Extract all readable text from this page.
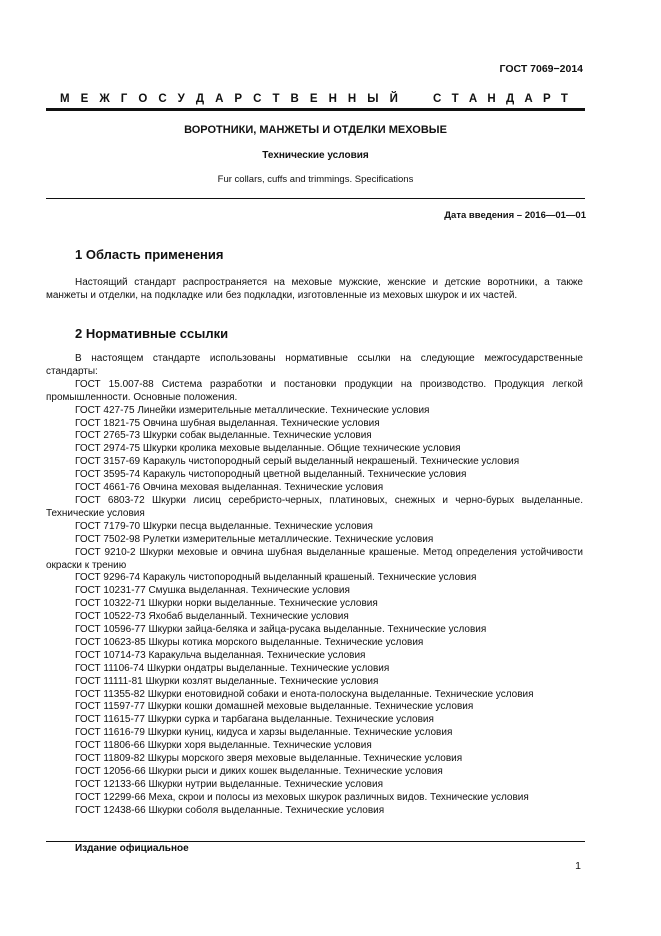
ГОСТ 7069−2014
М Е Ж Г О С У Д А Р С Т В Е Н Н Ы Й	С Т А Н Д А Р Т
ВОРОТНИКИ, МАНЖЕТЫ И ОТДЕЛКИ МЕХОВЫЕ
Технические условия
Fur collars, cuffs and trimmings. Specifications
Дата введения – 2016—01—01
1 Область применения

Настоящий стандарт распространяется на меховые мужские, женские и детские воротники, а также манжеты и отделки, на подкладке или без подкладки, изготовленные из меховых шкурок и их частей.

2 Нормативные ссылки

В настоящем стандарте использованы нормативные ссылки на следующие межгосударственные стандарты:

ГОСТ 15.007-88 Система разработки и постановки продукции на производство. Продукция легкой промышленности. Основные положения.

ГОСТ 427-75 Линейки измерительные металлические. Технические условия

ГОСТ 1821-75 Овчина шубная выделанная. Технические условия

ГОСТ 2765-73 Шкурки собак выделанные. Технические условия

ГОСТ 2974-75 Шкурки кролика меховые выделанные. Общие технические условия

ГОСТ 3157-69 Каракуль чистопородный серый выделанный некрашеный. Технические условия

ГОСТ 3595-74 Каракуль чистопородный цветной выделанный. Технические условия

ГОСТ 4661-76 Овчина меховая выделанная. Технические условия

ГОСТ 6803-72 Шкурки лисиц серебристо-черных, платиновых, снежных и черно-бурых выделанные. Технические условия

ГОСТ 7179-70 Шкурки песца выделанные. Технические условия

ГОСТ 7502-98 Рулетки измерительные металлические. Технические условия

ГОСТ 9210-2 Шкурки меховые и овчина шубная выделанные крашеные. Метод определения устойчивости окраски к трению

ГОСТ 9296-74 Каракуль чистопородный выделанный крашеный. Технические условия

ГОСТ 10231-77 Смушка выделанная. Технические условия

ГОСТ 10322-71 Шкурки норки выделанные. Технические условия

ГОСТ 10522-73 Яхобаб выделанный. Технические условия

ГОСТ 10596-77 Шкурки зайца-беляка и зайца-русака выделанные. Технические условия

ГОСТ 10623-85 Шкуры котика морского выделанные. Технические условия

ГОСТ 10714-73 Каракульча выделанная. Технические условия

ГОСТ 11106-74 Шкурки ондатры выделанные. Технические условия

ГОСТ 11111-81 Шкурки козлят выделанные. Технические условия

ГОСТ 11355-82 Шкурки енотовидной собаки и енота-полоскуна выделанные. Технические условия

ГОСТ 11597-77 Шкурки кошки домашней меховые выделанные. Технические условия

ГОСТ 11615-77 Шкурки сурка и тарбагана выделанные. Технические условия

ГОСТ 11616-79 Шкурки куниц, кидуса и харзы выделанные. Технические условия

ГОСТ 11806-66 Шкурки хоря выделанные. Технические условия

ГОСТ 11809-82 Шкуры морского зверя меховые выделанные. Технические условия

ГОСТ 12056-66 Шкурки рыси и диких кошек выделанные. Технические условия

ГОСТ 12133-66 Шкурки нутрии выделанные. Технические условия

ГОСТ 12299-66 Меха, скрои и полосы из меховых шкурок различных видов. Технические условия

ГОСТ 12438-66 Шкурки соболя выделанные. Технические условия

Издание официальное
1
